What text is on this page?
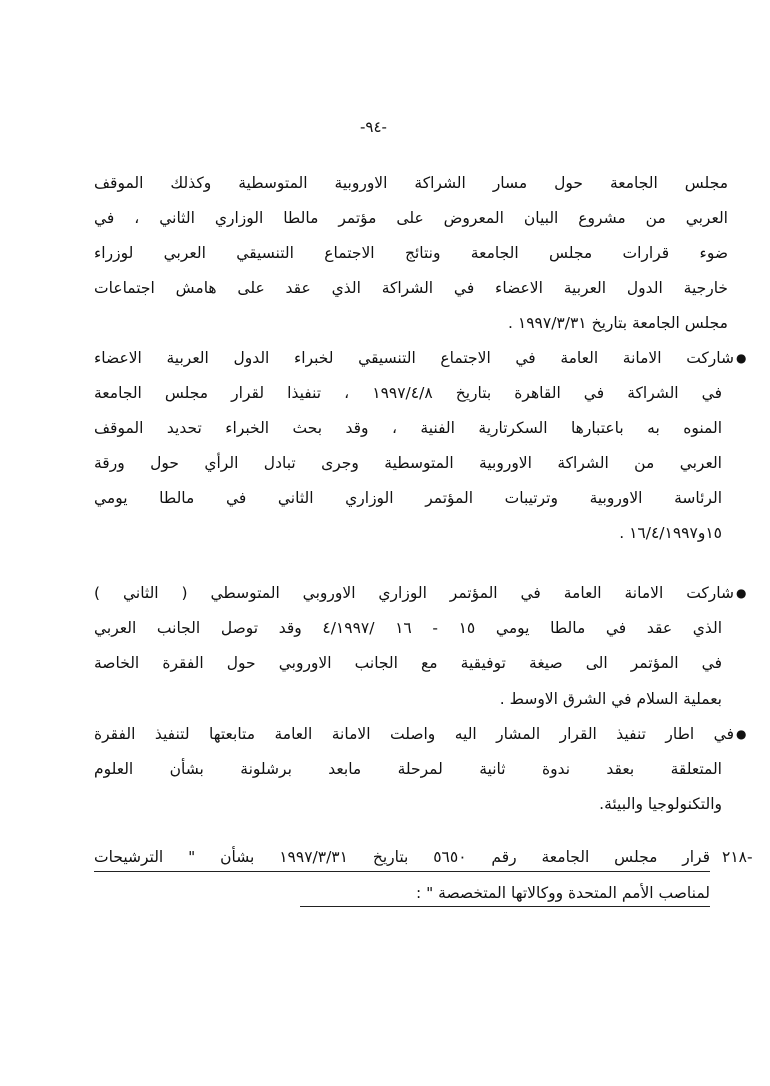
-٩٤-
مجلس الجامعة حول مسار الشراكة الاوروبية المتوسطية وكذلك الموقف
العربي من مشروع البيان المعروض على مؤتمر مالطا الوزاري الثاني ، في
ضوء قرارات مجلس الجامعة ونتائج الاجتماع التنسيقي العربي لوزراء
خارجية الدول العربية الاعضاء في الشراكة الذي عقد على هامش اجتماعات
مجلس الجامعة بتاريخ ١٩٩٧/٣/٣١ .
●
شاركت الامانة العامة في الاجتماع التنسيقي لخبراء الدول العربية الاعضاء
في الشراكة في القاهرة بتاريخ ١٩٩٧/٤/٨ ، تنفيذا لقرار مجلس الجامعة
المنوه به باعتبارها السكرتارية الفنية ، وقد بحث الخبراء تحديد الموقف
العربي من الشراكة الاوروبية المتوسطية وجرى تبادل الرأي حول ورقة
الرئاسة الاوروبية وترتيبات المؤتمر الوزاري الثاني في مالطا يومي
١٥و١٦/٤/١٩٩٧ .
●
شاركت الامانة العامة في المؤتمر الوزاري الاوروبي المتوسطي ( الثاني )
الذي عقد في مالطا يومي ١٥ - ١٦ /٤/١٩٩٧ وقد توصل الجانب العربي
في المؤتمر الى صيغة توفيقية مع الجانب الاوروبي حول الفقرة الخاصة
بعملية السلام في الشرق الاوسط .
●
في اطار تنفيذ القرار المشار اليه واصلت الامانة العامة متابعتها لتنفيذ الفقرة
المتعلقة بعقد ندوة ثانية لمرحلة مابعد برشلونة بشأن العلوم
والتكنولوجيا والبيئة.
-٢١٨
قرار مجلس الجامعة رقم ٥٦٥٠ بتاريخ ١٩٩٧/٣/٣١ بشأن " الترشيحات
لمناصب الأمم المتحدة ووكالاتها المتخصصة " :
